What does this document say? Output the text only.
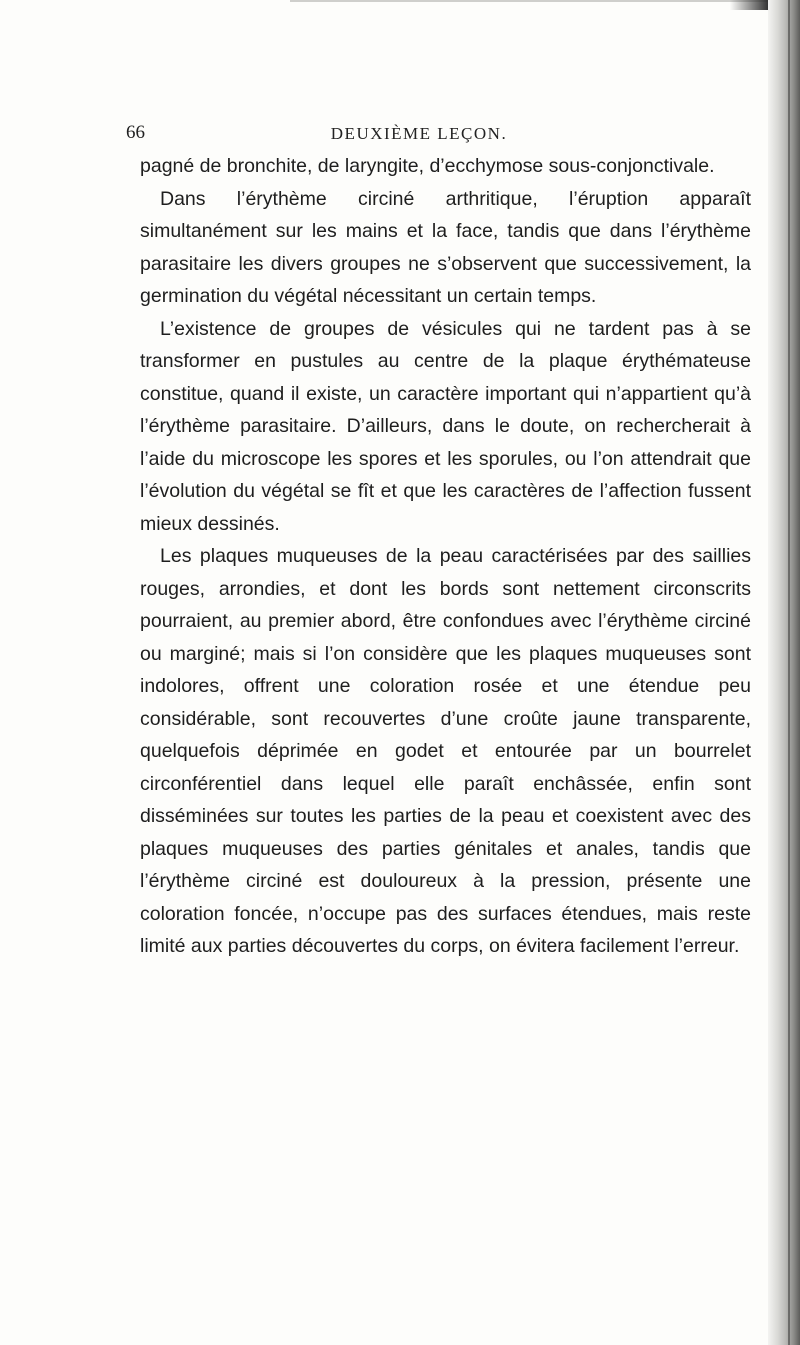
66	DEUXIÈME LEÇON.

pagné de bronchite, de laryngite, d’ecchymose sous-conjonctivale.

Dans l’érythème circiné arthritique, l’éruption apparaît simultanément sur les mains et la face, tandis que dans l’érythème parasitaire les divers groupes ne s’observent que successivement, la germination du végétal nécessitant un certain temps.

L’existence de groupes de vésicules qui ne tardent pas à se transformer en pustules au centre de la plaque érythémateuse constitue, quand il existe, un caractère important qui n’appartient qu’à l’érythème parasitaire. D’ailleurs, dans le doute, on rechercherait à l’aide du microscope les spores et les sporules, ou l’on attendrait que l’évolution du végétal se fît et que les caractères de l’affection fussent mieux dessinés.

Les plaques muqueuses de la peau caractérisées par des saillies rouges, arrondies, et dont les bords sont nettement circonscrits pourraient, au premier abord, être confondues avec l’érythème circiné ou marginé; mais si l’on considère que les plaques muqueuses sont indolores, offrent une coloration rosée et une étendue peu considérable, sont recouvertes d’une croûte jaune transparente, quelquefois déprimée en godet et entourée par un bourrelet circonférentiel dans lequel elle paraît enchâssée, enfin sont disséminées sur toutes les parties de la peau et coexistent avec des plaques muqueuses des parties génitales et anales, tandis que l’érythème circiné est douloureux à la pression, présente une coloration foncée, n’occupe pas des surfaces étendues, mais reste limité aux parties découvertes du corps, on évitera facilement l’erreur.
